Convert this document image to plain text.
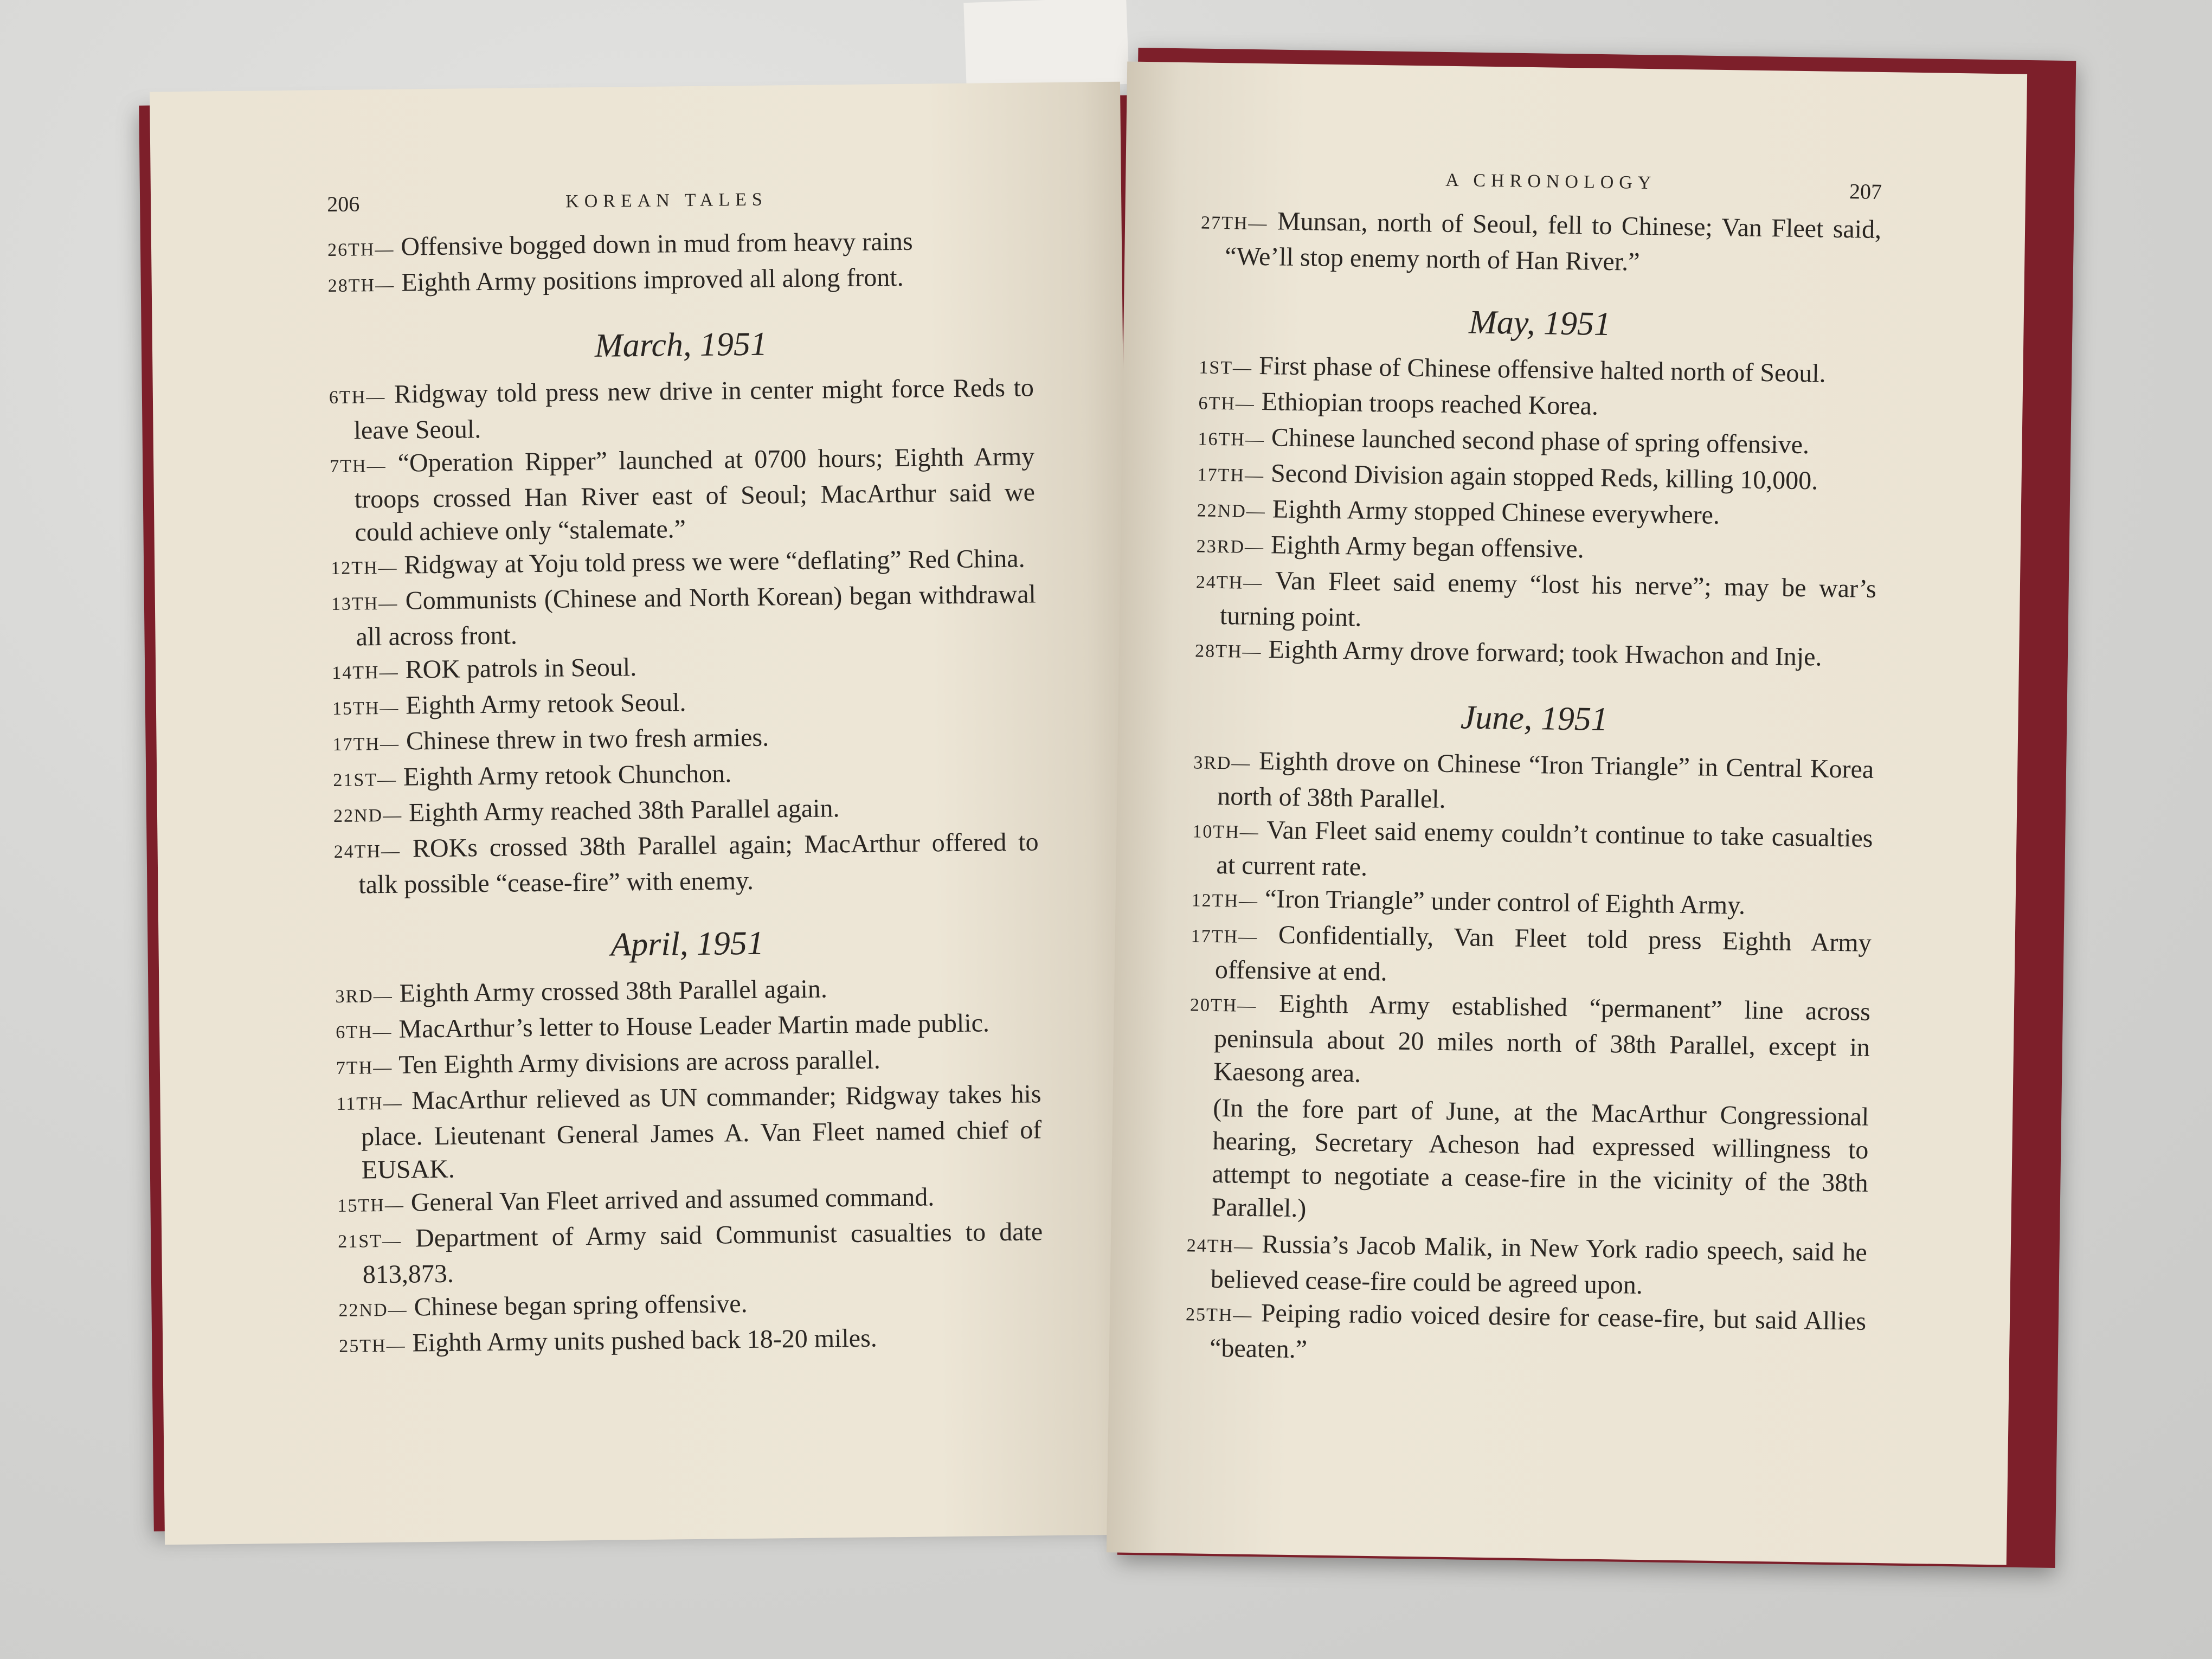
206	KOREAN TALES

26TH— Offensive bogged down in mud from heavy rains

28TH— Eighth Army positions improved all along front.

March, 1951

6TH— Ridgway told press new drive in center might force Reds to leave Seoul.

7TH— “Operation Ripper” launched at 0700 hours; Eighth Army troops crossed Han River east of Seoul; MacArthur said we could achieve only “stalemate.”

12TH— Ridgway at Yoju told press we were “deflating” Red China.

13TH— Communists (Chinese and North Korean) began withdrawal all across front.

14TH— ROK patrols in Seoul.

15TH— Eighth Army retook Seoul.

17TH— Chinese threw in two fresh armies.

21ST— Eighth Army retook Chunchon.

22ND— Eighth Army reached 38th Parallel again.

24TH— ROKs crossed 38th Parallel again; MacArthur offered to talk possible “cease-fire” with enemy.

April, 1951

3RD— Eighth Army crossed 38th Parallel again.

6TH— MacArthur’s letter to House Leader Martin made public.

7TH— Ten Eighth Army divisions are across parallel.

11TH— MacArthur relieved as UN commander; Ridgway takes his place. Lieutenant General James A. Van Fleet named chief of EUSAK.

15TH— General Van Fleet arrived and assumed command.

21ST— Department of Army said Communist casualties to date 813,873.

22ND— Chinese began spring offensive.

25TH— Eighth Army units pushed back 18-20 miles.

A CHRONOLOGY	207

27TH— Munsan, north of Seoul, fell to Chinese; Van Fleet said, “We’ll stop enemy north of Han River.”

May, 1951

1ST— First phase of Chinese offensive halted north of Seoul.

6TH— Ethiopian troops reached Korea.

16TH— Chinese launched second phase of spring offensive.

17TH— Second Division again stopped Reds, killing 10,000.

22ND— Eighth Army stopped Chinese everywhere.

23RD— Eighth Army began offensive.

24TH— Van Fleet said enemy “lost his nerve”; may be war’s turning point.

28TH— Eighth Army drove forward; took Hwachon and Inje.

June, 1951

3RD— Eighth drove on Chinese “Iron Triangle” in Central Korea north of 38th Parallel.

10TH— Van Fleet said enemy couldn’t continue to take casualties at current rate.

12TH— “Iron Triangle” under control of Eighth Army.

17TH— Confidentially, Van Fleet told press Eighth Army offensive at end.

20TH— Eighth Army established “permanent” line across peninsula about 20 miles north of 38th Parallel, except in Kaesong area.

(In the fore part of June, at the MacArthur Congressional hearing, Secretary Acheson had expressed willingness to attempt to negotiate a cease-fire in the vicinity of the 38th Parallel.)

24TH— Russia’s Jacob Malik, in New York radio speech, said he believed cease-fire could be agreed upon.

25TH— Peiping radio voiced desire for cease-fire, but said Allies “beaten.”
